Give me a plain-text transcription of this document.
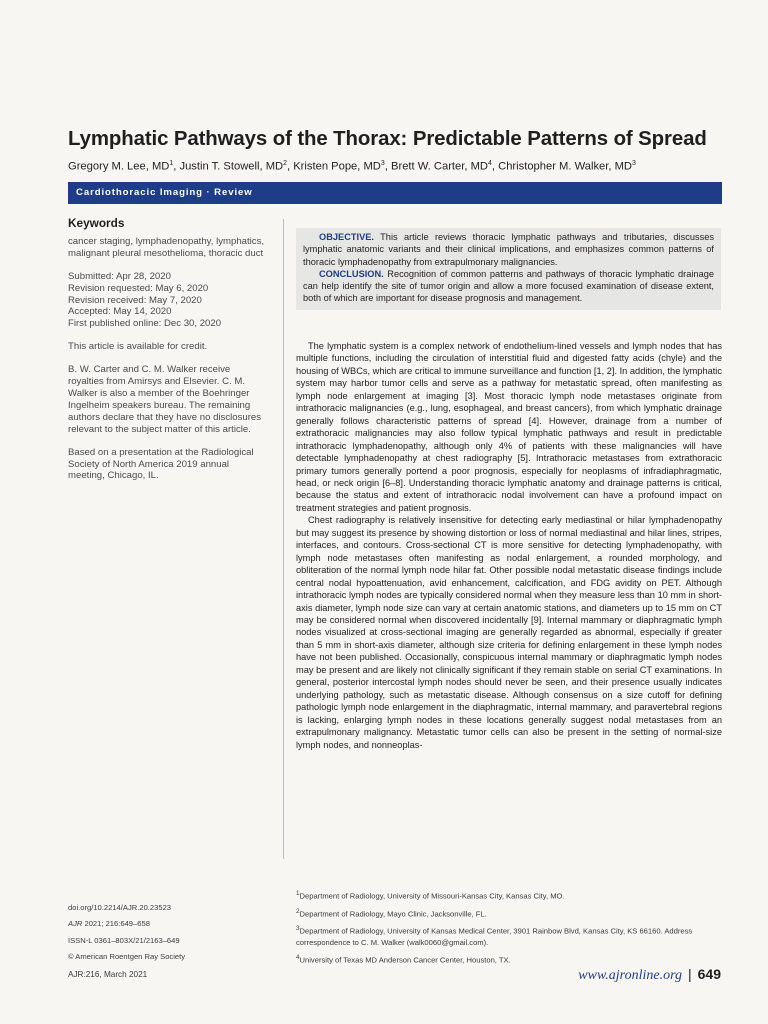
Lymphatic Pathways of the Thorax: Predictable Patterns of Spread
Gregory M. Lee, $MD^1$, Justin T. Stowell, $MD^2$, Kristen Pope, $MD^3$, Brett W. Carter, $MD^4$, Christopher M. Walker, $MD^3$
Cardiothoracic Imaging · Review
Keywords

cancer staging, lymphadenopathy, lymphatics, malignant pleural mesothelioma, thoracic duct

Submitted: Apr 28, 2020

Revision requested: May 6, 2020

Revision received: May 7, 2020

Accepted: May 14, 2020

First published online: Dec 30, 2020

This article is available for credit.

B. W. Carter and C. M. Walker receive royalties from Amirsys and Elsevier. C. M. Walker is also a member of the Boehringer Ingelheim speakers bureau. The remaining authors declare that they have no disclosures relevant to the subject matter of this article.

Based on a presentation at the Radiological Society of North America 2019 annual meeting, Chicago, IL.

OBJECTIVE. This article reviews thoracic lymphatic pathways and tributaries, discusses lymphatic anatomic variants and their clinical implications, and emphasizes common patterns of thoracic lymphadenopathy from extrapulmonary malignancies.

CONCLUSION. Recognition of common patterns and pathways of thoracic lymphatic drainage can help identify the site of tumor origin and allow a more focused examination of disease extent, both of which are important for disease prognosis and management.

The lymphatic system is a complex network of endothelium-lined vessels and lymph nodes that has multiple functions, including the circulation of interstitial fluid and digested fatty acids (chyle) and the housing of WBCs, which are critical to immune surveillance and function [1, 2]. In addition, the lymphatic system may harbor tumor cells and serve as a pathway for metastatic spread, often manifesting as lymph node enlargement at imaging [3]. Most thoracic lymph node metastases originate from intrathoracic malignancies (e.g., lung, esophageal, and breast cancers), from which lymphatic drainage generally follows characteristic patterns of spread [4]. However, drainage from a number of extrathoracic malignancies may also follow typical lymphatic pathways and result in predictable intrathoracic lymphadenopathy, although only 4% of patients with these malignancies will have detectable lymphadenopathy at chest radiography [5]. Intrathoracic metastases from extrathoracic primary tumors generally portend a poor prognosis, especially for neoplasms of infradiaphragmatic, head, or neck origin [6–8]. Understanding thoracic lymphatic anatomy and drainage patterns is critical, because the status and extent of intrathoracic nodal involvement can have a profound impact on treatment strategies and patient prognosis.

Chest radiography is relatively insensitive for detecting early mediastinal or hilar lymphadenopathy but may suggest its presence by showing distortion or loss of normal mediastinal and hilar lines, stripes, interfaces, and contours. Cross-sectional CT is more sensitive for detecting lymphadenopathy, with lymph node metastases often manifesting as nodal enlargement, a rounded morphology, and obliteration of the normal lymph node hilar fat. Other possible nodal metastatic disease findings include central nodal hypoattenuation, avid enhancement, calcification, and FDG avidity on PET. Although intrathoracic lymph nodes are typically considered normal when they measure less than 10 mm in short-axis diameter, lymph node size can vary at certain anatomic stations, and diameters up to 15 mm on CT may be considered normal when discovered incidentally [9]. Internal mammary or diaphragmatic lymph nodes visualized at cross-sectional imaging are generally regarded as abnormal, especially if greater than 5 mm in short-axis diameter, although size criteria for defining enlargement in these lymph nodes have not been published. Occasionally, conspicuous internal mammary or diaphragmatic lymph nodes may be present and are likely not clinically significant if they remain stable on serial CT examinations. In general, posterior intercostal lymph nodes should never be seen, and their presence usually indicates underlying pathology, such as metastatic disease. Although consensus on a size cutoff for defining pathologic lymph node enlargement in the diaphragmatic, internal mammary, and paravertebral regions is lacking, enlarging lymph nodes in these locations generally suggest nodal metastases from an extrapulmonary malignancy. Metastatic tumor cells can also be present in the setting of normal-size lymph nodes, and nonneoplas-

doi.org/10.2214/AJR.20.23523

AJR 2021; 216:649–658

ISSN-L 0361–803X/21/2163–649

© American Roentgen Ray Society

$^1$Department of Radiology, University of Missouri-Kansas City, Kansas City, MO.

$^2$Department of Radiology, Mayo Clinic, Jacksonville, FL.

$^3$Department of Radiology, University of Kansas Medical Center, 3901 Rainbow Blvd, Kansas City, KS 66160. Address correspondence to C. M. Walker (walk0060@gmail.com).

$^4$University of Texas MD Anderson Cancer Center, Houston, TX.

AJR:216, March 2021	www.ajronline.org | 649
